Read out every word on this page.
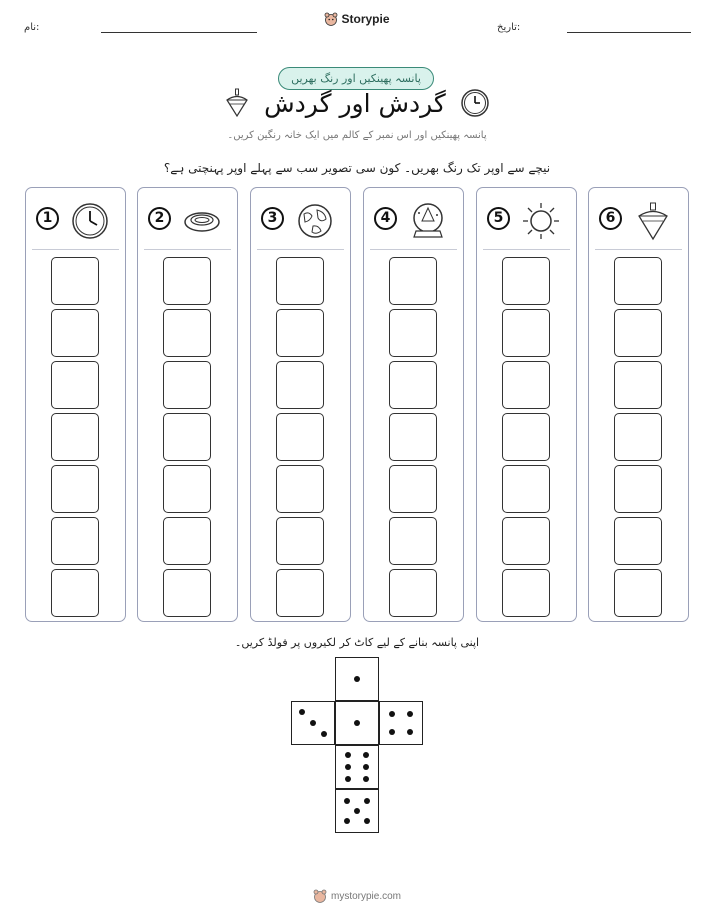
نام:
Storypie
تاریخ:
پانسہ پھینکیں اور رنگ بھریں
گردش اور گردش
پانسہ پھینکیں اور اس نمبر کے کالم میں ایک خانہ رنگین کریں۔
نیچے سے اوپر تک رنگ بھریں۔ کون سی تصویر سب سے پہلے اوپر پہنچتی ہے؟
1	2	3	4	5	6
اپنی پانسہ بنانے کے لیے کاٹ کر لکیروں پر فولڈ کریں۔
mystorypie.com
